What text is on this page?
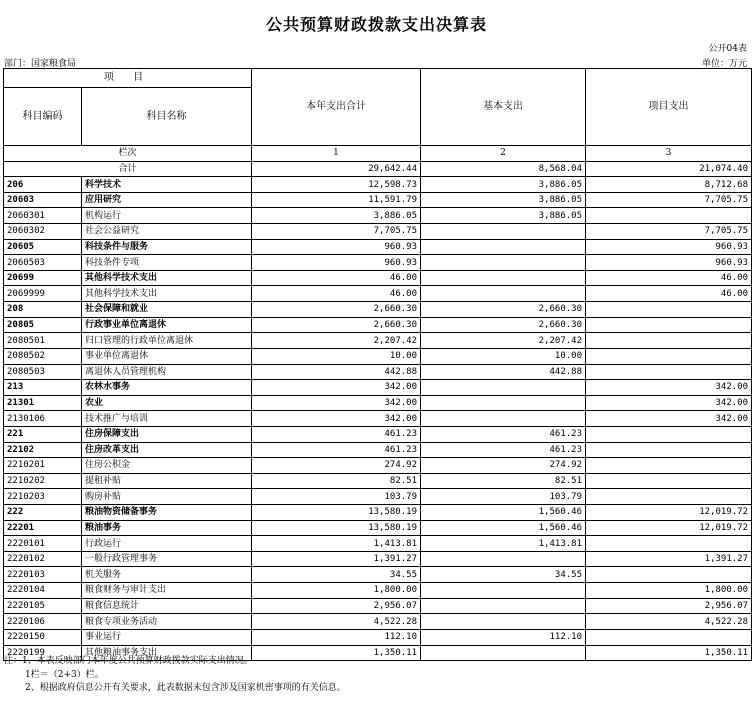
公共预算财政拨款支出决算表
公开04表
部门：国家粮食局	单位：万元
项 目		本年支出合计	基本支出	项目支出
科目编码	科目名称			
栏次		1	2	3
合计		29,642.44	8,568.04	21,074.40
206	科学技术	12,598.73	3,886.05	8,712.68
20603	应用研究	11,591.79	3,886.05	7,705.75
2060301	机构运行	3,886.05	3,886.05	
2060302	社会公益研究	7,705.75		7,705.75
20605	科技条件与服务	960.93		960.93
2060503	科技条件专项	960.93		960.93
20699	其他科学技术支出	46.00		46.00
2069999	其他科学技术支出	46.00		46.00
208	社会保障和就业	2,660.30	2,660.30	
20805	行政事业单位离退休	2,660.30	2,660.30	
2080501	归口管理的行政单位离退休	2,207.42	2,207.42	
2080502	事业单位离退休	10.00	10.00	
2080503	离退休人员管理机构	442.88	442.88	
213	农林水事务	342.00		342.00
21301	农业	342.00		342.00
2130106	技术推广与培训	342.00		342.00
221	住房保障支出	461.23	461.23	
22102	住房改革支出	461.23	461.23	
2210201	住房公积金	274.92	274.92	
2210202	提租补贴	82.51	82.51	
2210203	购房补贴	103.79	103.79	
222	粮油物资储备事务	13,580.19	1,560.46	12,019.72
22201	粮油事务	13,580.19	1,560.46	12,019.72
2220101	行政运行	1,413.81	1,413.81	
2220102	一般行政管理事务	1,391.27		1,391.27
2220103	机关服务	34.55	34.55	
2220104	粮食财务与审计支出	1,800.00		1,800.00
2220105	粮食信息统计	2,956.07		2,956.07
2220106	粮食专项业务活动	4,522.28		4,522.28
2220150	事业运行	112.10	112.10	
2220199	其他粮油事务支出	1,350.11		1,350.11
注：1、本表反映部门本年度公共预算财政拨款实际支出情况。
1栏＝（2+3）栏。
2、根据政府信息公开有关要求，此表数据未包含涉及国家机密事项的有关信息。
